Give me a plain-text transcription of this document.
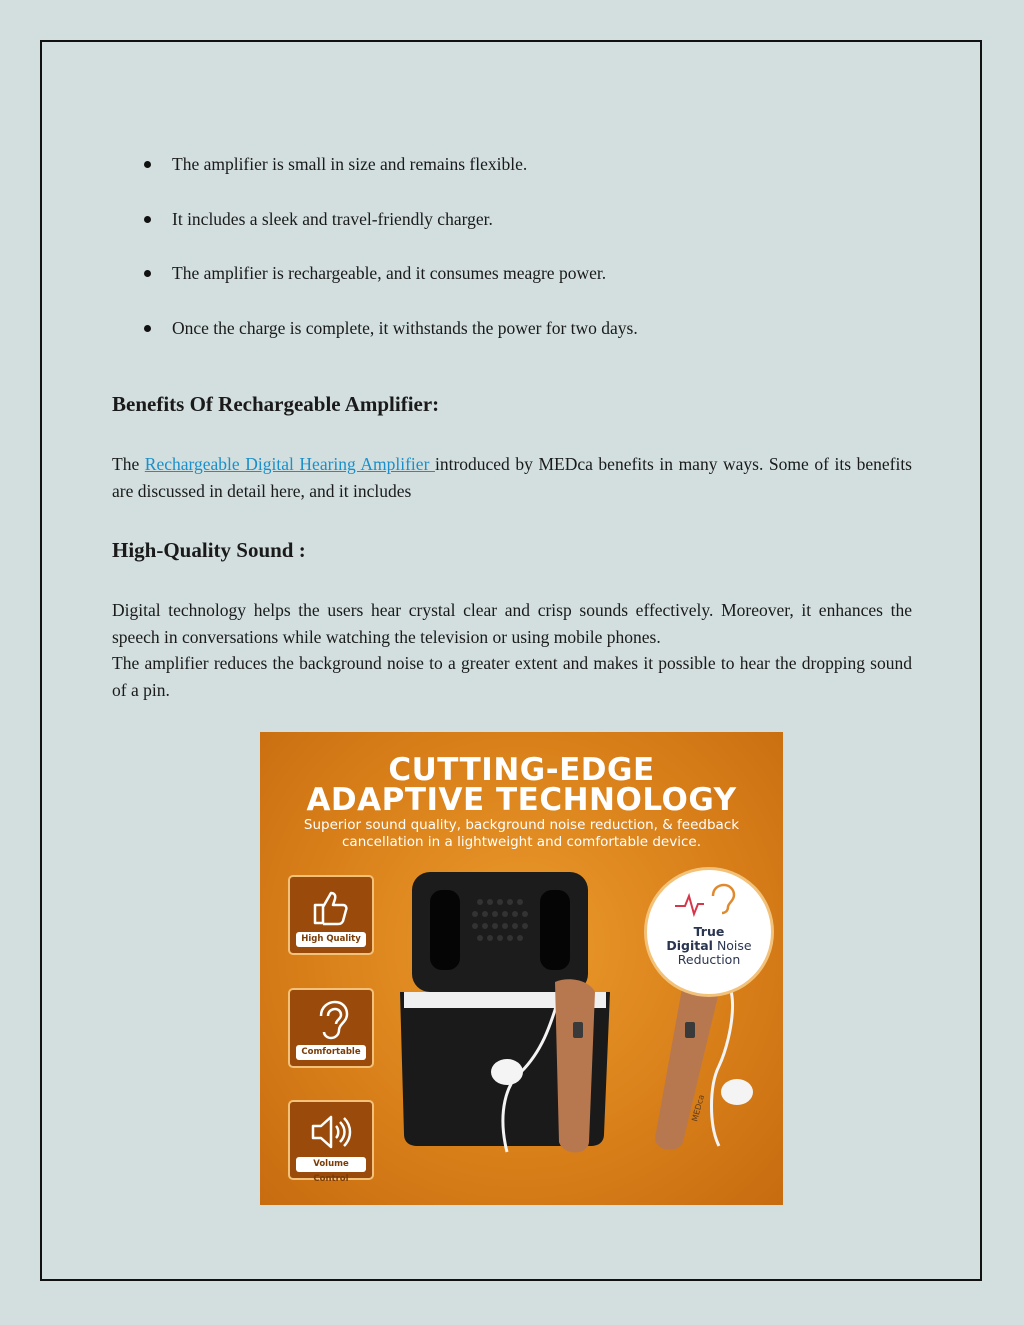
The amplifier is small in size and remains flexible.
It includes a sleek and travel-friendly charger.
The amplifier is rechargeable, and it consumes meagre power.
Once the charge is complete, it withstands the power for two days.
Benefits Of Rechargeable Amplifier:

The Rechargeable Digital Hearing Amplifier introduced by MEDca benefits in many ways. Some of its benefits are discussed in detail here, and it includes

High-Quality Sound :
Digital technology helps the users hear crystal clear and crisp sounds effectively. Moreover, it enhances the speech in conversations while watching the television or using mobile phones.
The amplifier reduces the background noise to a greater extent and makes it possible to hear the dropping sound of a pin.
CUTTING-EDGE
ADAPTIVE TECHNOLOGY
Superior sound quality, background noise reduction, & feedback
cancellation in a lightweight and comfortable device.
High Quality
Comfortable
Volume Control
MEDca
True
Digital Noise
Reduction
